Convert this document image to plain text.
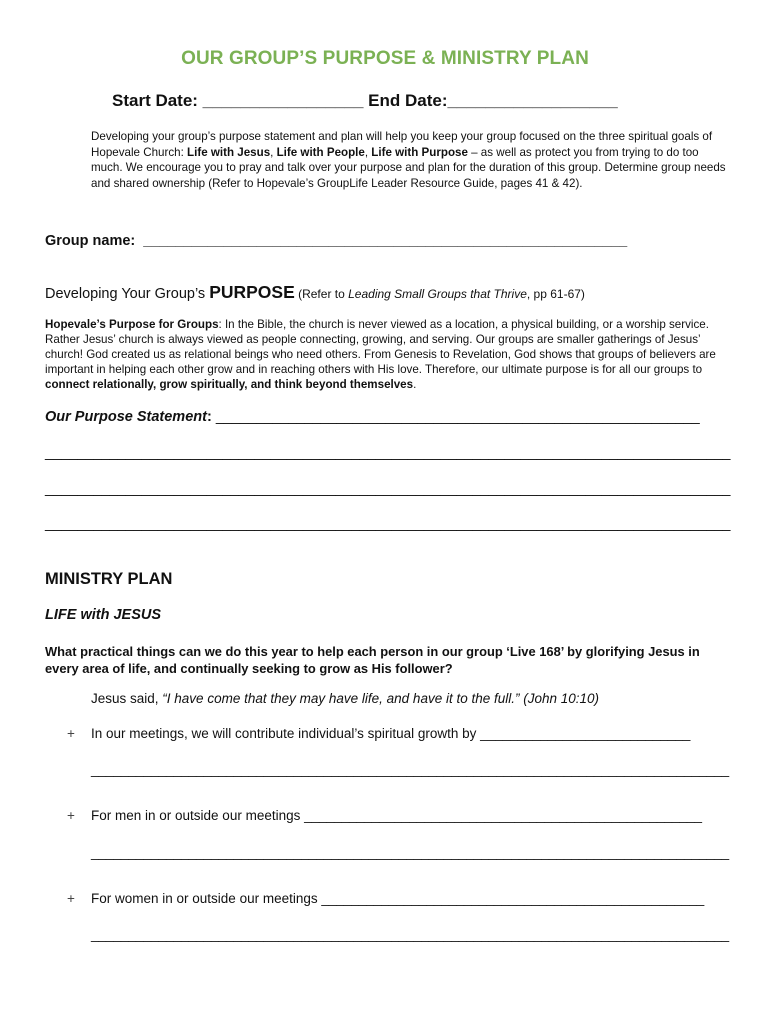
OUR GROUP’S PURPOSE & MINISTRY PLAN
Start Date: _________________ End Date:__________________
Developing your group’s purpose statement and plan will help you keep your group focused on the three spiritual goals of Hopevale Church: Life with Jesus, Life with People, Life with Purpose – as well as protect you from trying to do too much. We encourage you to pray and talk over your purpose and plan for the duration of this group. Determine group needs and shared ownership (Refer to Hopevale’s GroupLife Leader Resource Guide, pages 41 & 42).
Group name:  ____________________________________________________________
Developing Your Group’s PURPOSE (Refer to Leading Small Groups that Thrive, pp 61-67)
Hopevale’s Purpose for Groups: In the Bible, the church is never viewed as a location, a physical building, or a worship service. Rather Jesus’ church is always viewed as people connecting, growing, and serving. Our groups are smaller gatherings of Jesus’ church! God created us as relational beings who need others. From Genesis to Revelation, God shows that groups of believers are important in helping each other grow and in reaching others with His love. Therefore, our ultimate purpose is for all our groups to connect relationally, grow spiritually, and think beyond themselves.
Our Purpose Statement: ____________________________________________________________
_____________________________________________________________________________________
_____________________________________________________________________________________
_____________________________________________________________________________________
MINISTRY PLAN
LIFE with JESUS
What practical things can we do this year to help each person in our group ‘Live 168’ by glorifying Jesus in every area of life, and continually seeking to grow as His follower?
Jesus said, “I have come that they may have life, and have it to the full.” (John 10:10)
+ In our meetings, we will contribute individual’s spiritual growth by ____________________________
_____________________________________________________________________________________
+ For men in or outside our meetings _____________________________________________________
_____________________________________________________________________________________
+ For women in or outside our meetings ___________________________________________________
_____________________________________________________________________________________
